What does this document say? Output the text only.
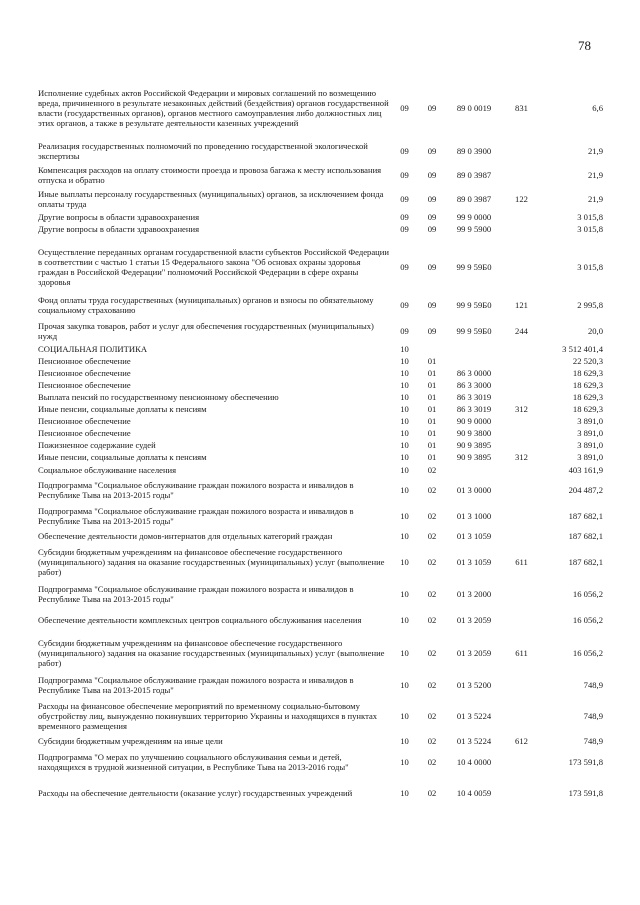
78
Исполнение судебных актов Российской Федерации и мировых соглашений по возмещению вреда, причиненного в результате незаконных действий (бездействия) органов государственной власти (государственных органов), органов местного самоуправления либо должностных лиц этих органов, а также в результате деятельности казенных учреждений
09	09	89 0 0019	831	6,6
Реализация государственных полномочий по проведению государственной экологической экспертизы	09	09	89 0 3900	21,9
Компенсация расходов на оплату стоимости проезда и провоза багажа к месту использования отпуска и обратно	09	09	89 0 3987	21,9
Иные выплаты персоналу государственных (муниципальных) органов, за исключением фонда оплаты труда	09	09	89 0 3987	122	21,9
Другие вопросы в области здравоохранения	09	09	99 9 0000	3 015,8
Другие вопросы в области здравоохранения	09	09	99 9 5900	3 015,8
Осуществление переданных органам государственной власти субъектов Российской Федерации в соответствии с частью 1 статьи 15 Федерального закона "Об основах охраны здоровья граждан в Российской Федерации" полномочий Российской Федерации в сфере охраны здоровья
09	09	99 9 59Б0	3 015,8
Фонд оплаты труда государственных (муниципальных) органов и взносы по обязательному социальному страхованию	09	09	99 9 59Б0	121	2 995,8
Прочая закупка товаров, работ и услуг для обеспечения государственных (муниципальных) нужд	09	09	99 9 59Б0	244	20,0
СОЦИАЛЬНАЯ ПОЛИТИКА	10	3 512 401,4
Пенсионное обеспечение	10	01	22 520,3
Пенсионное обеспечение	10	01	86 3 0000	18 629,3
Пенсионное обеспечение	10	01	86 3 3000	18 629,3
Выплата пенсий по государственному пенсионному обеспечению	10	01	86 3 3019	18 629,3
Иные пенсии, социальные доплаты к пенсиям	10	01	86 3 3019	312	18 629,3
Пенсионное обеспечение	10	01	90 9 0000	3 891,0
Пенсионное обеспечение	10	01	90 9 3800	3 891,0
Пожизненное содержание судей	10	01	90 9 3895	3 891,0
Иные пенсии, социальные доплаты к пенсиям	10	01	90 9 3895	312	3 891,0
Социальное обслуживание населения	10	02	403 161,9
Подпрограмма "Социальное обслуживание граждан пожилого возраста и инвалидов в Республике Тыва на 2013-2015 годы"	10	02	01 3 0000	204 487,2
Подпрограмма "Социальное обслуживание граждан пожилого возраста и инвалидов в Республике Тыва на 2013-2015 годы"	10	02	01 3 1000	187 682,1
Обеспечение деятельности домов-интернатов для отдельных категорий граждан	10	02	01 3 1059	187 682,1
Субсидии бюджетным учреждениям на финансовое обеспечение государственного (муниципального) задания на оказание государственных (муниципальных) услуг (выполнение работ)
10	02	01 3 1059	611	187 682,1
Подпрограмма "Социальное обслуживание граждан пожилого возраста и инвалидов в Республике Тыва на 2013-2015 годы"	10	02	01 3 2000	16 056,2
Обеспечение деятельности комплексных центров социального обслуживания населения	10	02	01 3 2059	16 056,2
Субсидии бюджетным учреждениям на финансовое обеспечение государственного (муниципального) задания на оказание государственных (муниципальных) услуг (выполнение работ)
10	02	01 3 2059	611	16 056,2
Подпрограмма "Социальное обслуживание граждан пожилого возраста и инвалидов в Республике Тыва на 2013-2015 годы"	10	02	01 3 5200	748,9
Расходы на финансовое обеспечение мероприятий по временному социально-бытовому обустройству лиц, вынужденно покинувших территорию Украины и находящихся в пунктах временного размещения
10	02	01 3 5224	748,9
Субсидии бюджетным учреждениям на иные цели	10	02	01 3 5224	612	748,9
Подпрограмма "О мерах по улучшению социального обслуживания семьи и детей, находящихся в трудной жизненной ситуации, в Республике Тыва на 2013-2016 годы"	10	02	10 4 0000	173 591,8
Расходы на обеспечение деятельности (оказание услуг) государственных учреждений	10	02	10 4 0059	173 591,8
